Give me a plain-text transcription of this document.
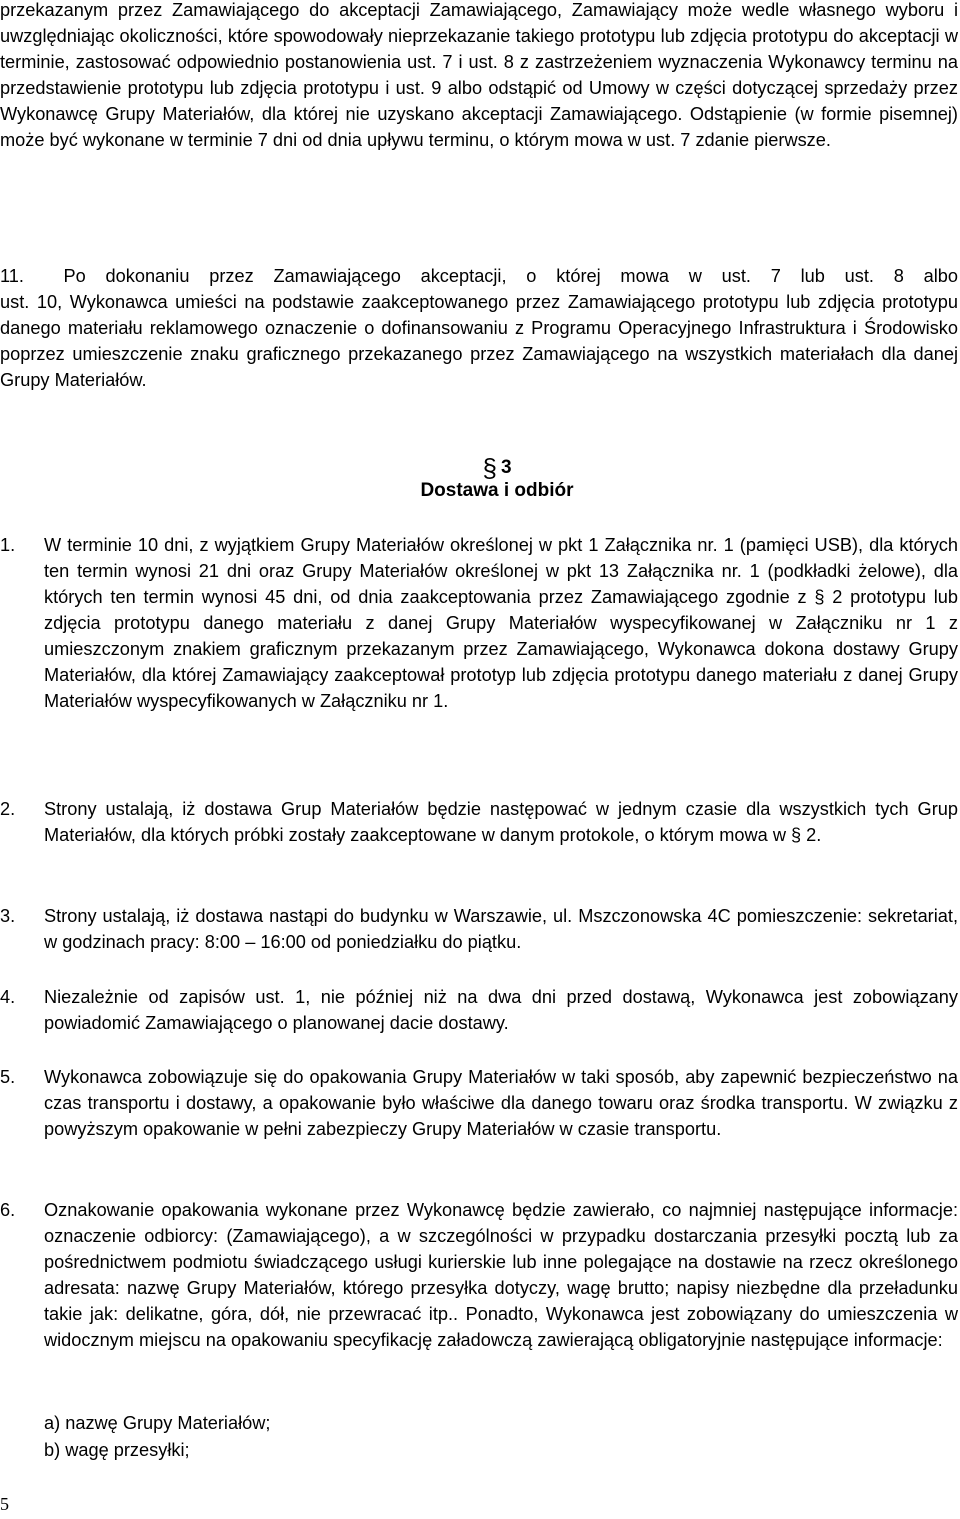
przekazanym przez Zamawiającego do akceptacji Zamawiającego, Zamawiający może wedle własnego wyboru i uwzględniając okoliczności, które spowodowały nieprzekazanie takiego prototypu lub zdjęcia prototypu do akceptacji w terminie, zastosować odpowiednio postanowienia ust. 7 i ust. 8 z zastrzeżeniem wyznaczenia Wykonawcy terminu na przedstawienie prototypu lub zdjęcia prototypu i ust. 9 albo odstąpić od Umowy w części dotyczącej sprzedaży przez Wykonawcę Grupy Materiałów, dla której nie uzyskano akceptacji Zamawiającego. Odstąpienie (w formie pisemnej) może być wykonane w terminie 7 dni od dnia upływu terminu, o którym mowa w ust. 7 zdanie pierwsze.

11. Po dokonaniu przez Zamawiającego akceptacji, o której mowa w ust. 7 lub ust. 8 albo
ust. 10, Wykonawca umieści na podstawie zaakceptowanego przez Zamawiającego prototypu lub zdjęcia prototypu danego materiału reklamowego oznaczenie o dofinansowaniu z Programu Operacyjnego Infrastruktura i Środowisko poprzez umieszczenie znaku graficznego przekazanego przez Zamawiającego na wszystkich materiałach dla danej Grupy Materiałów.
§ 3
Dostawa i odbiór
1. W terminie 10 dni, z wyjątkiem Grupy Materiałów określonej w pkt 1 Załącznika nr. 1 (pamięci USB), dla których ten termin wynosi 21 dni oraz Grupy Materiałów określonej w pkt 13 Załącznika nr. 1 (podkładki żelowe), dla których ten termin wynosi 45 dni, od dnia zaakceptowania przez Zamawiającego zgodnie z § 2 prototypu lub zdjęcia prototypu danego materiału z danej Grupy Materiałów wyspecyfikowanej w Załączniku nr 1 z umieszczonym znakiem graficznym przekazanym przez Zamawiającego, Wykonawca dokona dostawy Grupy Materiałów, dla której Zamawiający zaakceptował prototyp lub zdjęcia prototypu danego materiału z danej Grupy Materiałów wyspecyfikowanych w Załączniku nr 1.
2. Strony ustalają, iż dostawa Grup Materiałów będzie następować w jednym czasie dla wszystkich tych Grup Materiałów, dla których próbki zostały zaakceptowane w danym protokole, o którym mowa w § 2.
3. Strony ustalają, iż dostawa nastąpi do budynku w Warszawie, ul. Mszczonowska 4C pomieszczenie: sekretariat, w godzinach pracy: 8:00 – 16:00 od poniedziałku do piątku.
4. Niezależnie od zapisów ust. 1, nie później niż na dwa dni przed dostawą, Wykonawca jest zobowiązany powiadomić Zamawiającego o planowanej dacie dostawy.
5. Wykonawca zobowiązuje się do opakowania Grupy Materiałów w taki sposób, aby zapewnić bezpieczeństwo na czas transportu i dostawy, a opakowanie było właściwe dla danego towaru oraz środka transportu. W związku z powyższym opakowanie w pełni zabezpieczy Grupy Materiałów w czasie transportu.
6. Oznakowanie opakowania wykonane przez Wykonawcę będzie zawierało, co najmniej następujące informacje: oznaczenie odbiorcy: (Zamawiającego), a w szczególności w przypadku dostarczania przesyłki pocztą lub za pośrednictwem podmiotu świadczącego usługi kurierskie lub inne polegające na dostawie na rzecz określonego adresata: nazwę Grupy Materiałów, którego przesyłka dotyczy, wagę brutto; napisy niezbędne dla przeładunku takie jak: delikatne, góra, dół, nie przewracać itp.. Ponadto, Wykonawca jest zobowiązany do umieszczenia w widocznym miejscu na opakowaniu specyfikację załadowczą zawierającą obligatoryjnie następujące informacje:
a) nazwę Grupy Materiałów;
b) wagę przesyłki;
5
